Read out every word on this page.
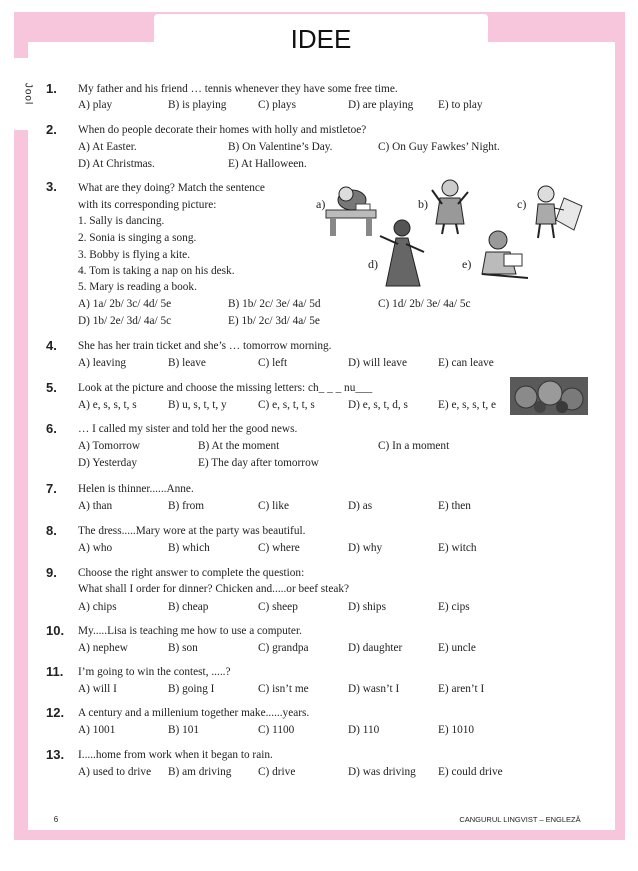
IDEE
Jool 1. My father and his friend … tennis whenever they have some free time.
A) play	B) is playing	C) plays	D) are playing E) to play
2. When do people decorate their homes with holly and mistletoe?
A) At Easter.	B) On Valentine’s Day.	C) On Guy Fawkes’ Night.
D) At Christmas.	E) At Halloween.
3. What are they doing? Match the sentence
with its corresponding picture:
1. Sally is dancing.
2. Sonia is singing a song.
3. Bobby is flying a kite.
4. Tom is taking a nap on his desk.
5. Mary is reading a book.
A) 1a/ 2b/ 3c/ 4d/ 5e	B) 1b/ 2c/ 3e/ 4a/ 5d	C) 1d/ 2b/ 3e/ 4a/ 5c
D) 1b/ 2e/ 3d/ 4a/ 5c	E) 1b/ 2c/ 3d/ 4a/ 5e
a)	b)	c)
d)	e)
4. She has her train ticket and she’s … tomorrow morning.
A) leaving	B) leave	C) left	D) will leave	E) can leave
5. Look at the picture and choose the missing letters: ch_ _ _ nu___
A) e, s, s, t, s	B) u, s, t, t, y	C) e, s, t, t, s	D) e, s, t, d, s	E) e, s, s, t, e
6. … I called my sister and told her the good news.
A) Tomorrow	B) At the moment	C) In a moment
D) Yesterday	E) The day after tomorrow
7. Helen is thinner......Anne.
A) than	B) from	C) like	D) as	E) then
8. The dress.....Mary wore at the party was beautiful.
A) who	B) which	C) where	D) why	E) witch
9. Choose the right answer to complete the question:
What shall I order for dinner? Chicken and.....or beef steak?
A) chips	B) cheap	C) sheep	D) ships	E) cips
10. My.....Lisa is teaching me how to use a computer.
A) nephew	B) son	C) grandpa	D) daughter	E) uncle
11. I’m going to win the contest, .....?
A) will I	B) going I	C) isn’t me	D) wasn’t I	E) aren’t I
12. A century and a millenium together make......years.
A) 1001	B) 101	C) 1100	D) 110	E) 1010
13. I.....home from work when it began to rain.
A) used to drive B) am driving C) drive	D) was driving E) could drive
6	CANGURUL LINGVIST – ENGLEZĂ
